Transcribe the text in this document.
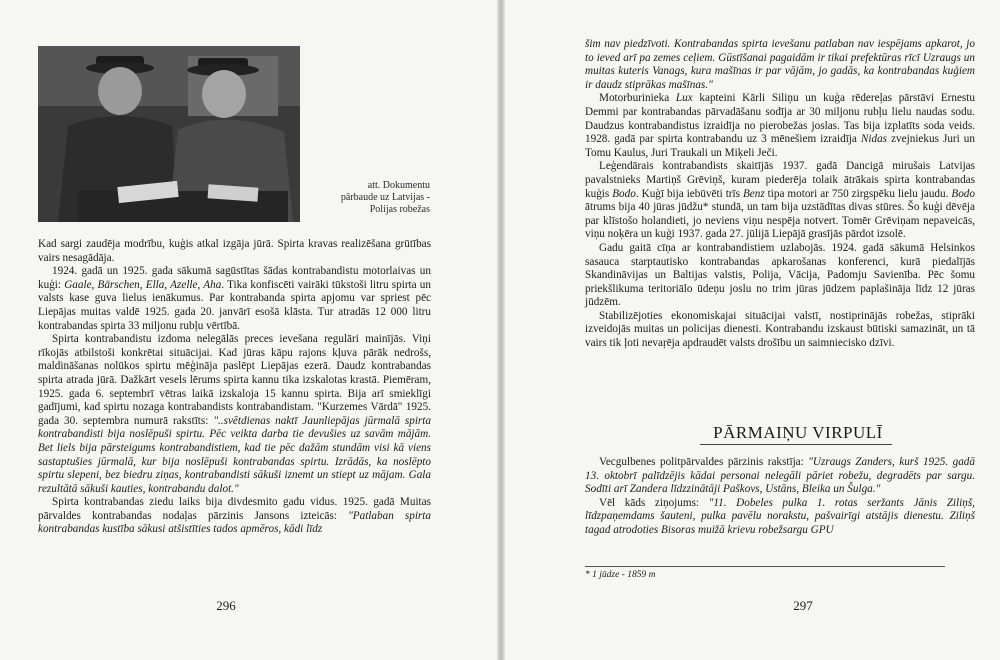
att. Dokumentu
pārbaude uz Latvijas -
Polijas robežas

Kad sargi zaudēja modrību, kuģis atkal izgāja jūrā. Spirta kravas realizēšana grūtības vairs nesagādāja.

1924. gadā un 1925. gada sākumā sagūstītas šādas kontrabandistu motorlaivas un kuģi: Gaale, Bärschen, Ella, Azelle, Aha. Tika konfiscēti vairāki tūkstoši litru spirta un valsts kase guva lielus ienākumus. Par kontrabanda spirta apjomu var spriest pēc Liepājas muitas valdē 1925. gada 20. janvārī esošā klāsta. Tur atradās 12 000 litru kontrabandas spirta 33 miljonu rubļu vērtībā.

Spirta kontrabandistu izdoma nelegālās preces ievešana regulāri mainījās. Viņi rīkojās atbilstoši konkrētai situācijai. Kad jūras kāpu rajons kļuva pārāk nedrošs, maldināšanas nolūkos spirtu mēģināja paslēpt Liepājas ezerā. Daudz kontrabandas spirta atrada jūrā. Dažkārt vesels lērums spirta kannu tika izskalotas krastā. Piemēram, 1925. gada 6. septembrī vētras laikā izskaloja 15 kannu spirta. Bija arī smieklīgi gadījumi, kad spirtu nozaga kontrabandists kontrabandistam. "Kurzemes Vārdā" 1925. gada 30. septembra numurā rakstīts: "..svētdienas naktī Jaunliepājas jūrmalā spirta kontrabandisti bija noslēpuši spirtu. Pēc veikta darba tie devušies uz savām mājām. Bet liels bija pārsteigums kontrabandistiem, kad tie pēc dažām stundām visi kā viens sastaptušies jūrmalā, kur bija noslēpuši kontrabandas spirtu. Izrādās, ka noslēpto spirtu slepeni, bez biedru ziņas, kontrabandisti sākuši iznemt un stiept uz mājam. Gala rezultātā sākuši kauties, kontrabandu dalot."

Spirta kontrabandas ziedu laiks bija divdesmito gadu vidus. 1925. gadā Muitas pārvaldes kontrabandas nodaļas pārzinis Jansons izteicās: "Patlaban spirta kontrabandas kustība sākusi atšistīties tados apmēros, kādi līdz

296

šim nav piedzīvoti. Kontrabandas spirta ievešanu patlaban nav iespējams apkarot, jo to ieved arī pa zemes ceļiem. Gūstīšanai pagaidām ir tikai prefektūras rīcī Uzraugs un muitas kuteris Vanags, kura mašīnas ir par vājām, jo gadās, ka kontrabandas kuģiem ir daudz stiprākas mašīnas."

Motorburinieka Lux kapteini Kārli Siliņu un kuģa rēdereļas pārstāvi Ernestu Demmi par kontrabandas pārvadāšanu sodīja ar 30 miljonu rubļu lielu naudas sodu. Daudzus kontrabandistus izraidīja no pierobežas joslas. Tas bija izplatīts soda veids. 1928. gadā par spirta kontrabandu uz 3 mēnešiem izraidīja Nidas zvejniekus Juri un Tomu Kaulus, Juri Traukali un Miķeli Ječi.

Leģendārais kontrabandists skaitījās 1937. gadā Dancigā mirušais Latvijas pavalstnieks Martiņš Grēviņš, kuram piederēja tolaik ātrākais spirta kontrabandas kuģis Bodo. Kuģī bija iebūvēti trīs Benz tipa motori ar 750 zirgspēku lielu jaudu. Bodo ātrums bija 40 jūras jūdžu* stundā, un tam bija uzstādītas divas stūres. Šo kuģi dēvēja par klīstošo holandieti, jo neviens viņu nespēja notvert. Tomēr Grēviņam nepaveicās, viņu noķēra un kuģi 1937. gada 27. jūlijā Liepājā grasījās pārdot izsolē.

Gadu gaitā cīņa ar kontrabandistiem uzlabojās. 1924. gadā sākumā Helsinkos sasauca starptautisko kontrabandas apkarošanas konferenci, kurā piedalījās Skandināvijas un Baltijas valstis, Polija, Vācija, Padomju Savienība. Pēc šomu priekšlikuma teritoriālo ūdeņu joslu no trim jūras jūdzem paplašināja līdz 12 jūras jūdzēm.

Stabilizējoties ekonomiskajai situācijai valstī, nostiprinājās robežas, stiprāki izveidojās muitas un policijas dienesti. Kontrabandu izskaust būtiski samazināt, un tā vairs tik ļoti nevaŗēja apdraudēt valsts drošību un saimniecisko dzīvi.

PĀRMAIŅU VIRPULĪ

Vecgulbenes politpārvaldes pārzinis rakstīja: "Uzraugs Zanders, kurš 1925. gadā 13. oktobrī palīdzējis kādai personai nelegāli pāriet robežu, degradēts par sargu. Sodīti arī Zandera līdzzinātāji Paškovs, Ustāns, Bleika un Šulga."

Vēl kāds ziņojums: "11. Dobeles pulka 1. rotas seržants Jānis Ziliņš, līdzpaņemdams šauteni, pulka pavēlu norakstu, pašvairīgi atstājis dienestu. Ziliņš tagad atrodoties Bisoras muižā krievu robežsargu GPU

* 1 jūdze - 1859 m
297
